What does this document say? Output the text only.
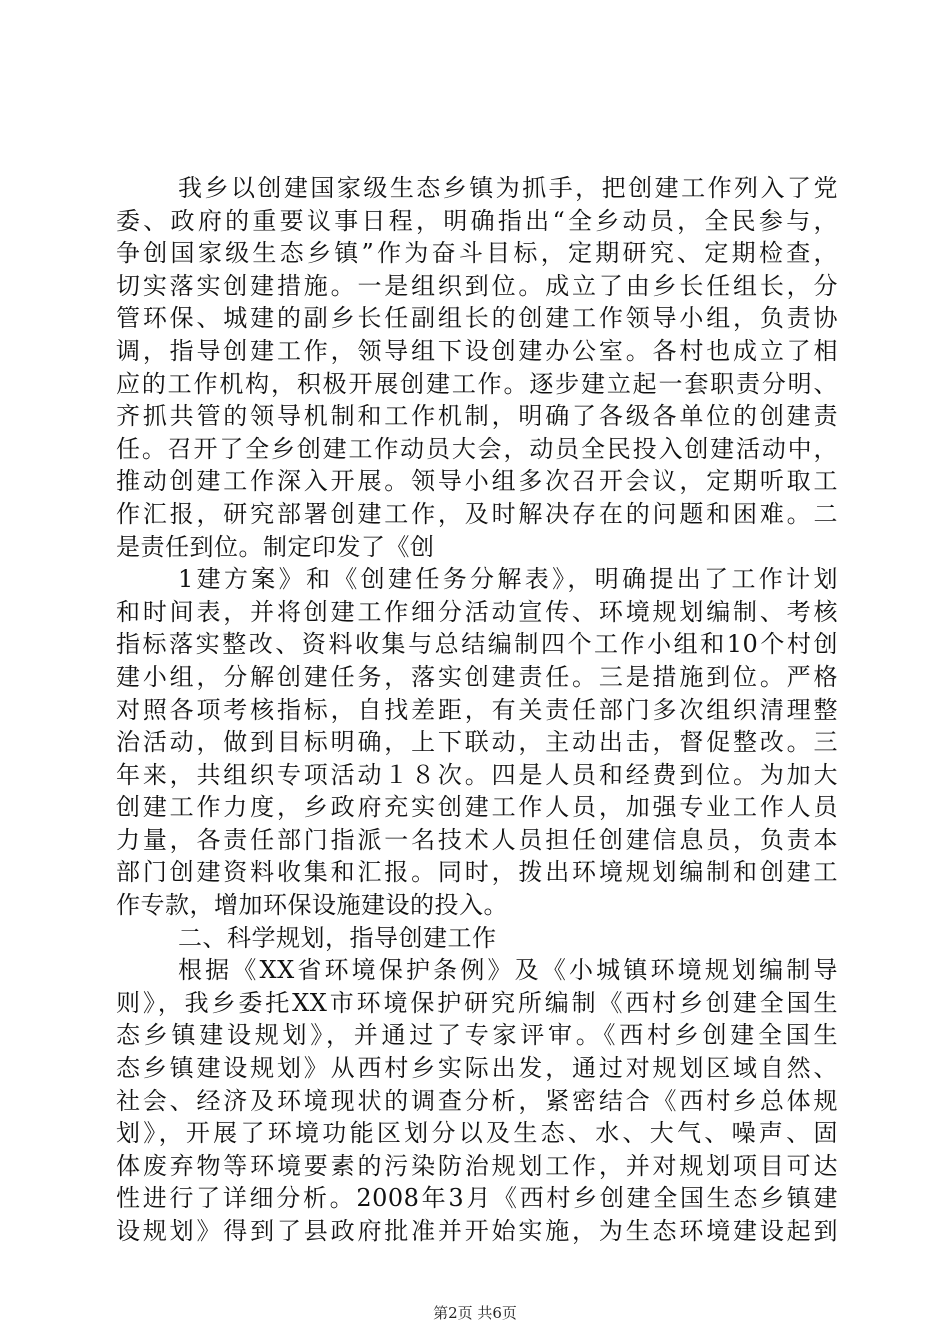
我乡以创建国家级生态乡镇为抓手，把创建工作列入了党
委、政府的重要议事日程，明确指出“全乡动员，全民参与，
争创国家级生态乡镇”作为奋斗目标，定期研究、定期检查，
切实落实创建措施。一是组织到位。成立了由乡长任组长，分
管环保、城建的副乡长任副组长的创建工作领导小组，负责协
调，指导创建工作，领导组下设创建办公室。各村也成立了相
应的工作机构，积极开展创建工作。逐步建立起一套职责分明、
齐抓共管的领导机制和工作机制，明确了各级各单位的创建责
任。召开了全乡创建工作动员大会，动员全民投入创建活动中，
推动创建工作深入开展。领导小组多次召开会议，定期听取工
作汇报，研究部署创建工作，及时解决存在的问题和困难。二
是责任到位。制定印发了《创
1建方案》和《创建任务分解表》，明确提出了工作计划
和时间表，并将创建工作细分活动宣传、环境规划编制、考核
指标落实整改、资料收集与总结编制四个工作小组和10个村创
建小组，分解创建任务，落实创建责任。三是措施到位。严格
对照各项考核指标，自找差距，有关责任部门多次组织清理整
治活动，做到目标明确，上下联动，主动出击，督促整改。三
年来，共组织专项活动１８次。四是人员和经费到位。为加大
创建工作力度，乡政府充实创建工作人员，加强专业工作人员
力量，各责任部门指派一名技术人员担任创建信息员，负责本
部门创建资料收集和汇报。同时，拨出环境规划编制和创建工
作专款，增加环保设施建设的投入。
二、科学规划，指导创建工作
根据《XX省环境保护条例》及《小城镇环境规划编制导
则》，我乡委托XX市环境保护研究所编制《西村乡创建全国生
态乡镇建设规划》，并通过了专家评审。《西村乡创建全国生
态乡镇建设规划》从西村乡实际出发，通过对规划区域自然、
社会、经济及环境现状的调查分析，紧密结合《西村乡总体规
划》，开展了环境功能区划分以及生态、水、大气、噪声、固
体废弃物等环境要素的污染防治规划工作，并对规划项目可达
性进行了详细分析。2008年3月《西村乡创建全国生态乡镇建
设规划》得到了县政府批准并开始实施，为生态环境建设起到
第2页 共6页
